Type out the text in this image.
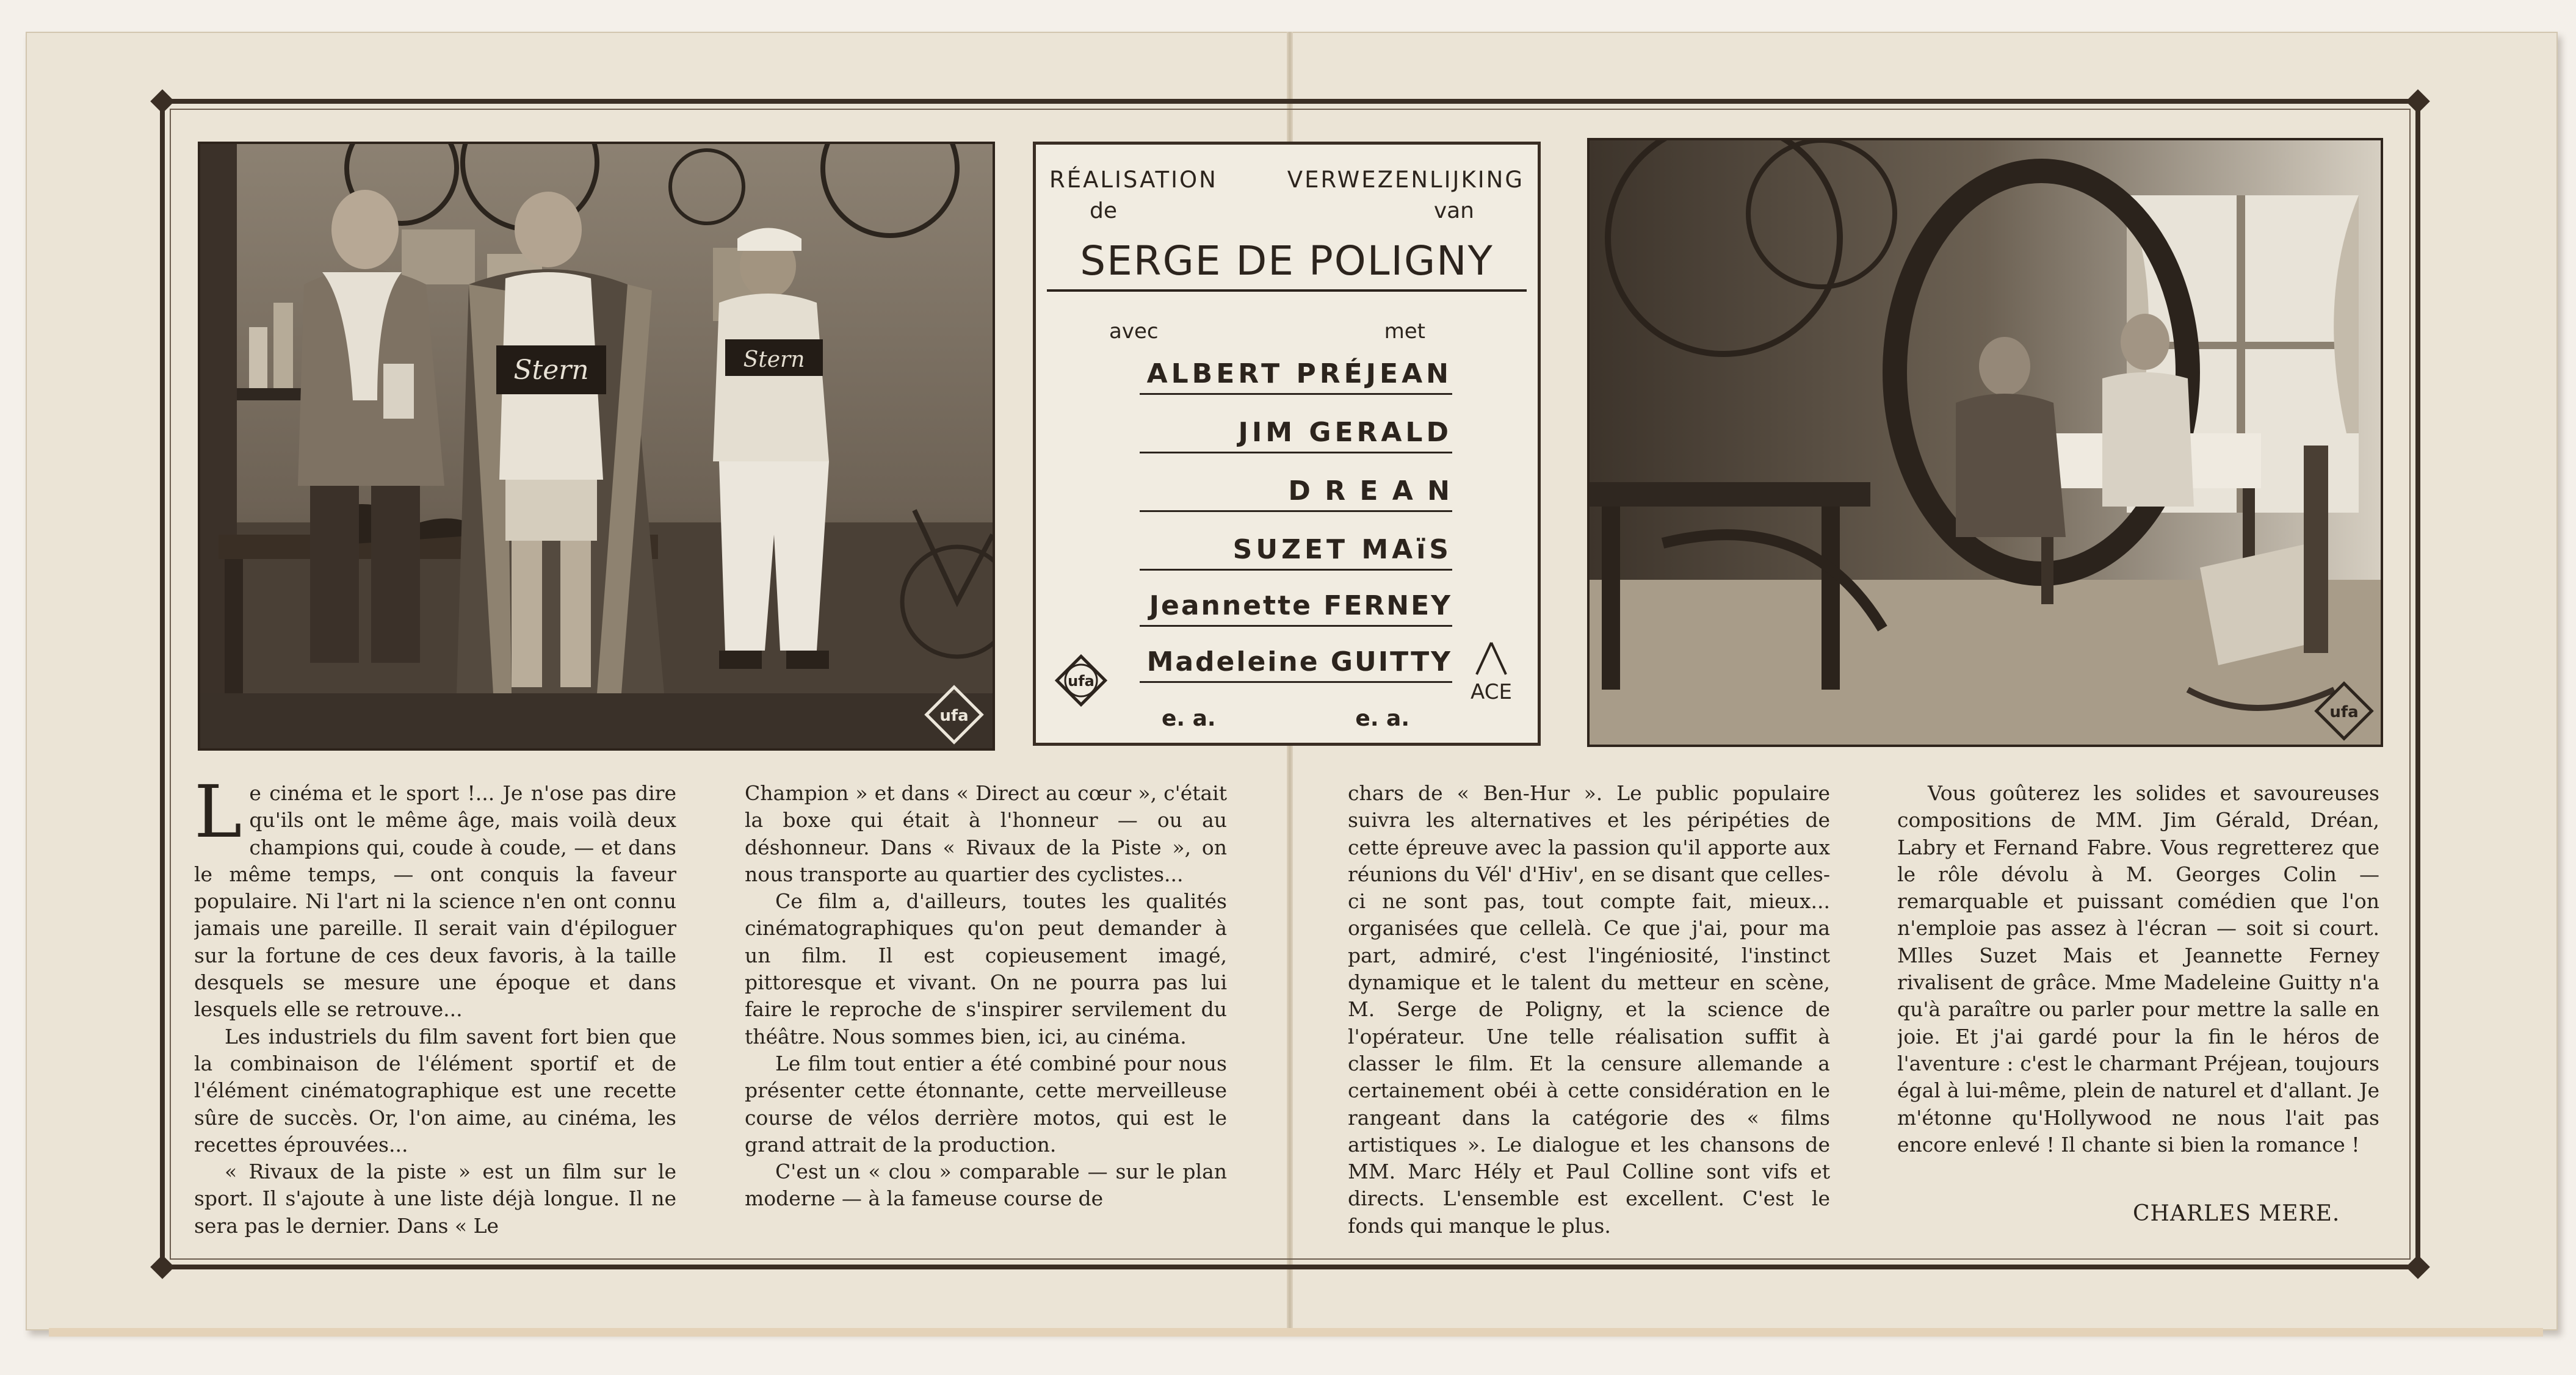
Stern	Stern
ufa
RÉALISATION	VERWEZENLIJKING
de	van
SERGE DE POLIGNY
avec	met
ALBERT PRÉJEAN
JIM GERALD
D R E A N
SUZET MAïS
Jeannette FERNEY
Madeleine GUITTY
ufa	ACE
e. a.	e. a.	ufa
L e cinéma et le sport !... Je n'ose pas dire qu'ils ont le même âge, mais voilà deux champions qui, coude à coude, — et dans le même temps, — ont conquis la faveur populaire. Ni l'art ni la science n'en ont connu jamais une pareille. Il serait vain d'épiloguer sur la fortune de ces deux favoris, à la taille desquels se mesure une époque et dans lesquels elle se retrouve...

Les industriels du film savent fort bien que la combinaison de l'élément sportif et de l'élément cinématographique est une recette sûre de succès. Or, l'on aime, au cinéma, les recettes éprouvées...

« Rivaux de la piste » est un film sur le sport. Il s'ajoute à une liste déjà longue. Il ne sera pas le dernier. Dans « Le

Champion » et dans « Direct au cœur », c'était la boxe qui était à l'honneur — ou au déshonneur. Dans « Rivaux de la Piste », on nous transporte au quartier des cyclistes...

Ce film a, d'ailleurs, toutes les qualités cinématographiques qu'on peut demander à un film. Il est copieusement imagé, pittoresque et vivant. On ne pourra pas lui faire le reproche de s'inspirer servilement du théâtre. Nous sommes bien, ici, au cinéma.

Le film tout entier a été combiné pour nous présenter cette étonnante, cette merveilleuse course de vélos derrière motos, qui est le grand attrait de la production.

C'est un « clou » comparable — sur le plan moderne — à la fameuse course de

chars de « Ben-Hur ». Le public populaire suivra les alternatives et les péripéties de cette épreuve avec la passion qu'il apporte aux réunions du Vél' d'Hiv', en se disant que celles-ci ne sont pas, tout compte fait, mieux... organisées que cellelà. Ce que j'ai, pour ma part, admiré, c'est l'ingéniosité, l'instinct dynamique et le talent du metteur en scène, M. Serge de Poligny, et la science de l'opérateur. Une telle réalisation suffit à classer le film. Et la censure allemande a certainement obéi à cette considération en le rangeant dans la catégorie des « films artistiques ». Le dialogue et les chansons de MM. Marc Hély et Paul Colline sont vifs et directs. L'ensemble est excellent. C'est le fonds qui manque le plus.

Vous goûterez les solides et savoureuses compositions de MM. Jim Gérald, Dréan, Labry et Fernand Fabre. Vous regretterez que le rôle dévolu à M. Georges Colin — remarquable et puissant comédien que l'on n'emploie pas assez à l'écran — soit si court. Mlles Suzet Mais et Jeannette Ferney rivalisent de grâce. Mme Madeleine Guitty n'a qu'à paraître ou parler pour mettre la salle en joie. Et j'ai gardé pour la fin le héros de l'aventure : c'est le charmant Préjean, toujours égal à lui-même, plein de naturel et d'allant. Je m'étonne qu'Hollywood ne nous l'ait pas encore enlevé ! Il chante si bien la romance !

CHARLES MERE.
